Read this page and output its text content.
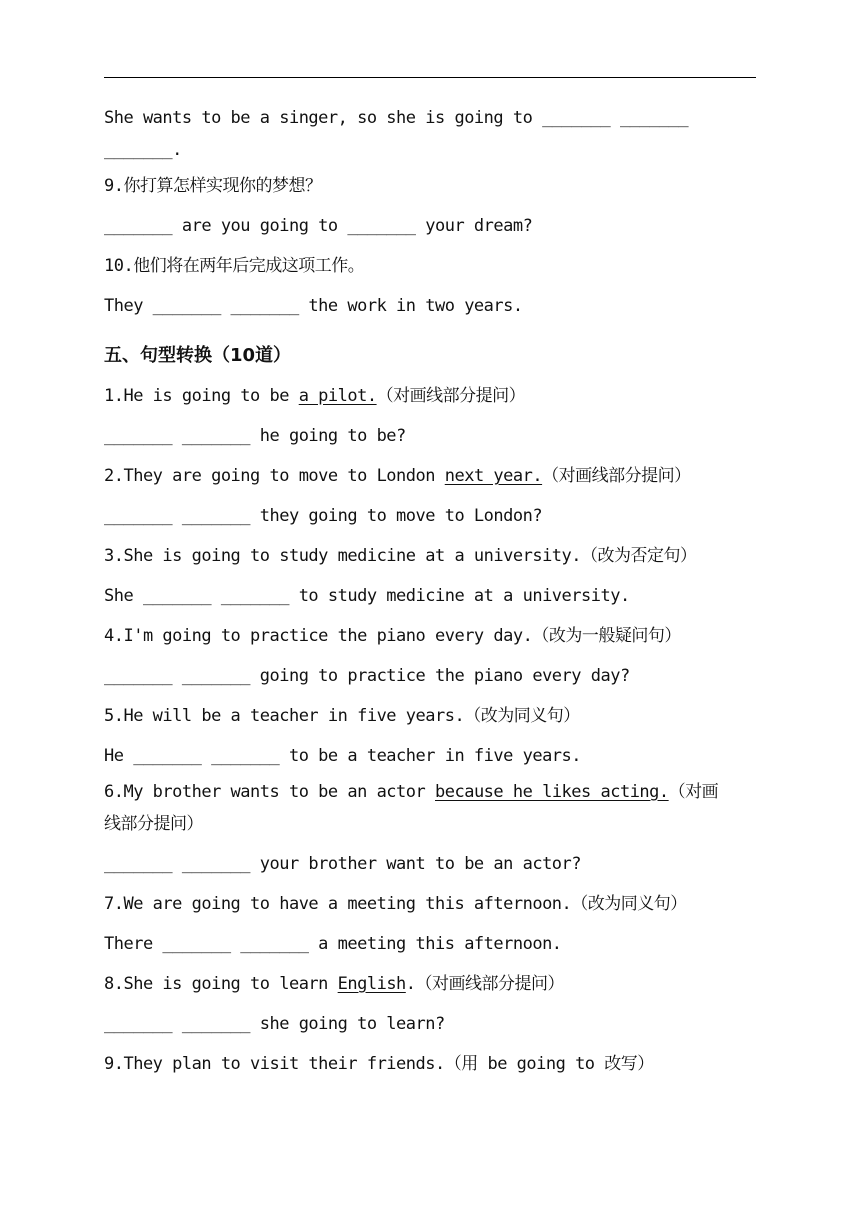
She wants to be a singer, so she is going to _______ _______
_______.
9.你打算怎样实现你的梦想？
_______ are you going to _______ your dream?
10.他们将在两年后完成这项工作。
They _______ _______ the work in two years.
五、句型转换（10道）
1.He is going to be a pilot.（对画线部分提问）
_______ _______ he going to be?
2.They are going to move to London next year.（对画线部分提问）
_______ _______ they going to move to London?
3.She is going to study medicine at a university.（改为否定句）
She _______ _______ to study medicine at a university.
4.I'm going to practice the piano every day.（改为一般疑问句）
_______ _______ going to practice the piano every day?
5.He will be a teacher in five years.（改为同义句）
He _______ _______ to be a teacher in five years.
6.My brother wants to be an actor because he likes acting.（对画
线部分提问）
_______ _______ your brother want to be an actor?
7.We are going to have a meeting this afternoon.（改为同义句）
There _______ _______ a meeting this afternoon.
8.She is going to learn English.（对画线部分提问）
_______ _______ she going to learn?
9.They plan to visit their friends.（用 be going to 改写）
